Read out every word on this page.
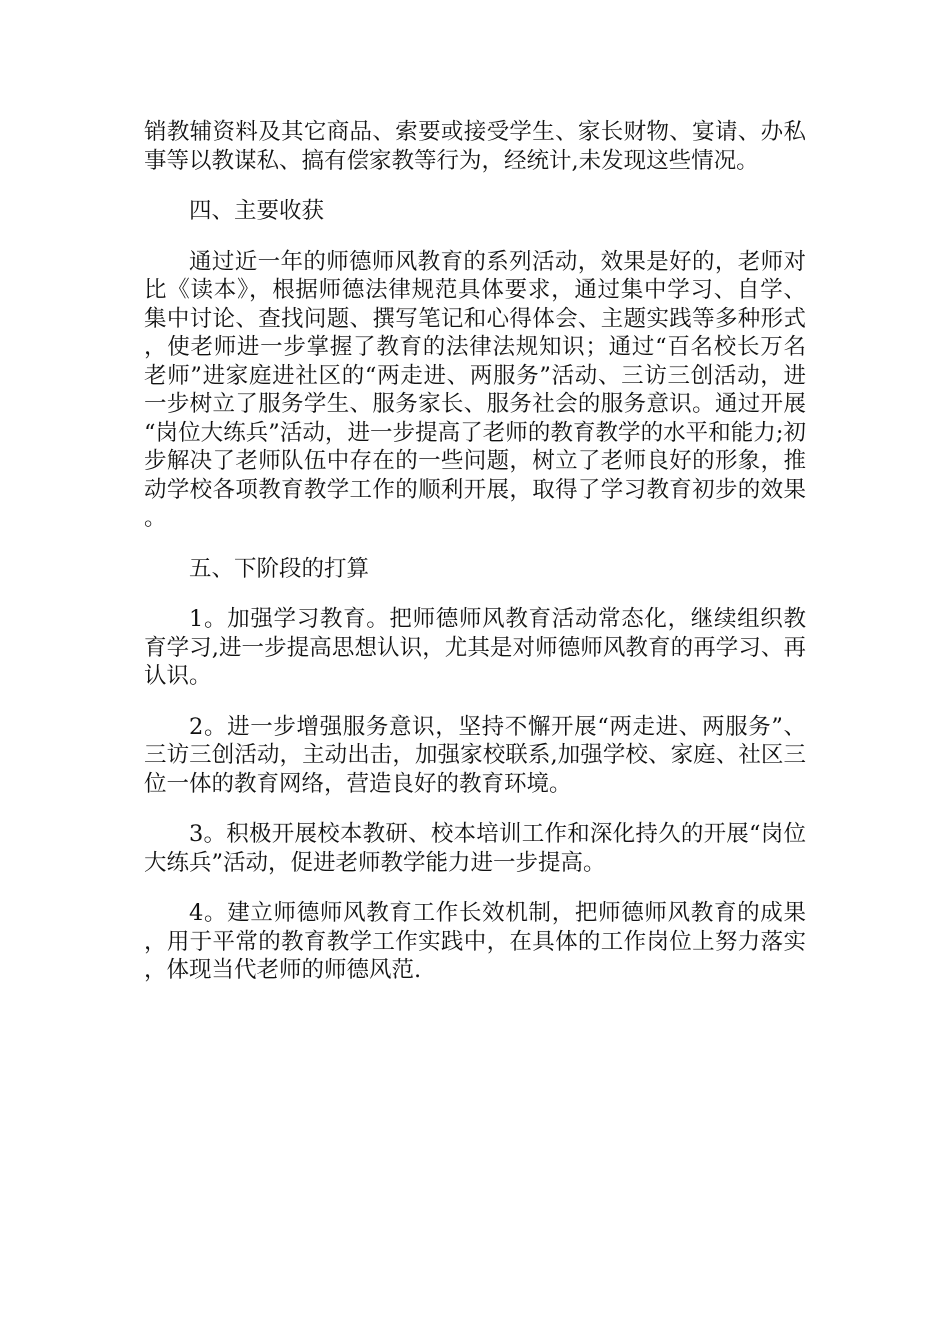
销教辅资料及其它商品、索要或接受学生、家长财物、宴请、办私事等以教谋私、搞有偿家教等行为，经统计,未发现这些情况。

四、主要收获

通过近一年的师德师风教育的系列活动，效果是好的，老师对比《读本》，根据师德法律规范具体要求，通过集中学习、自学、集中讨论、查找问题、撰写笔记和心得体会、主题实践等多种形式，使老师进一步掌握了教育的法律法规知识；通过“百名校长万名老师”进家庭进社区的“两走进、两服务”活动、三访三创活动，进一步树立了服务学生、服务家长、服务社会的服务意识。通过开展“岗位大练兵”活动，进一步提高了老师的教育教学的水平和能力;初步解决了老师队伍中存在的一些问题，树立了老师良好的形象，推动学校各项教育教学工作的顺利开展，取得了学习教育初步的效果。

五、下阶段的打算

1。加强学习教育。把师德师风教育活动常态化，继续组织教育学习,进一步提高思想认识，尤其是对师德师风教育的再学习、再认识。

2。进一步增强服务意识，坚持不懈开展“两走进、两服务”、三访三创活动，主动出击，加强家校联系,加强学校、家庭、社区三位一体的教育网络，营造良好的教育环境。

3。积极开展校本教研、校本培训工作和深化持久的开展“岗位大练兵”活动，促进老师教学能力进一步提高。

4。建立师德师风教育工作长效机制，把师德师风教育的成果，用于平常的教育教学工作实践中，在具体的工作岗位上努力落实，体现当代老师的师德风范.
